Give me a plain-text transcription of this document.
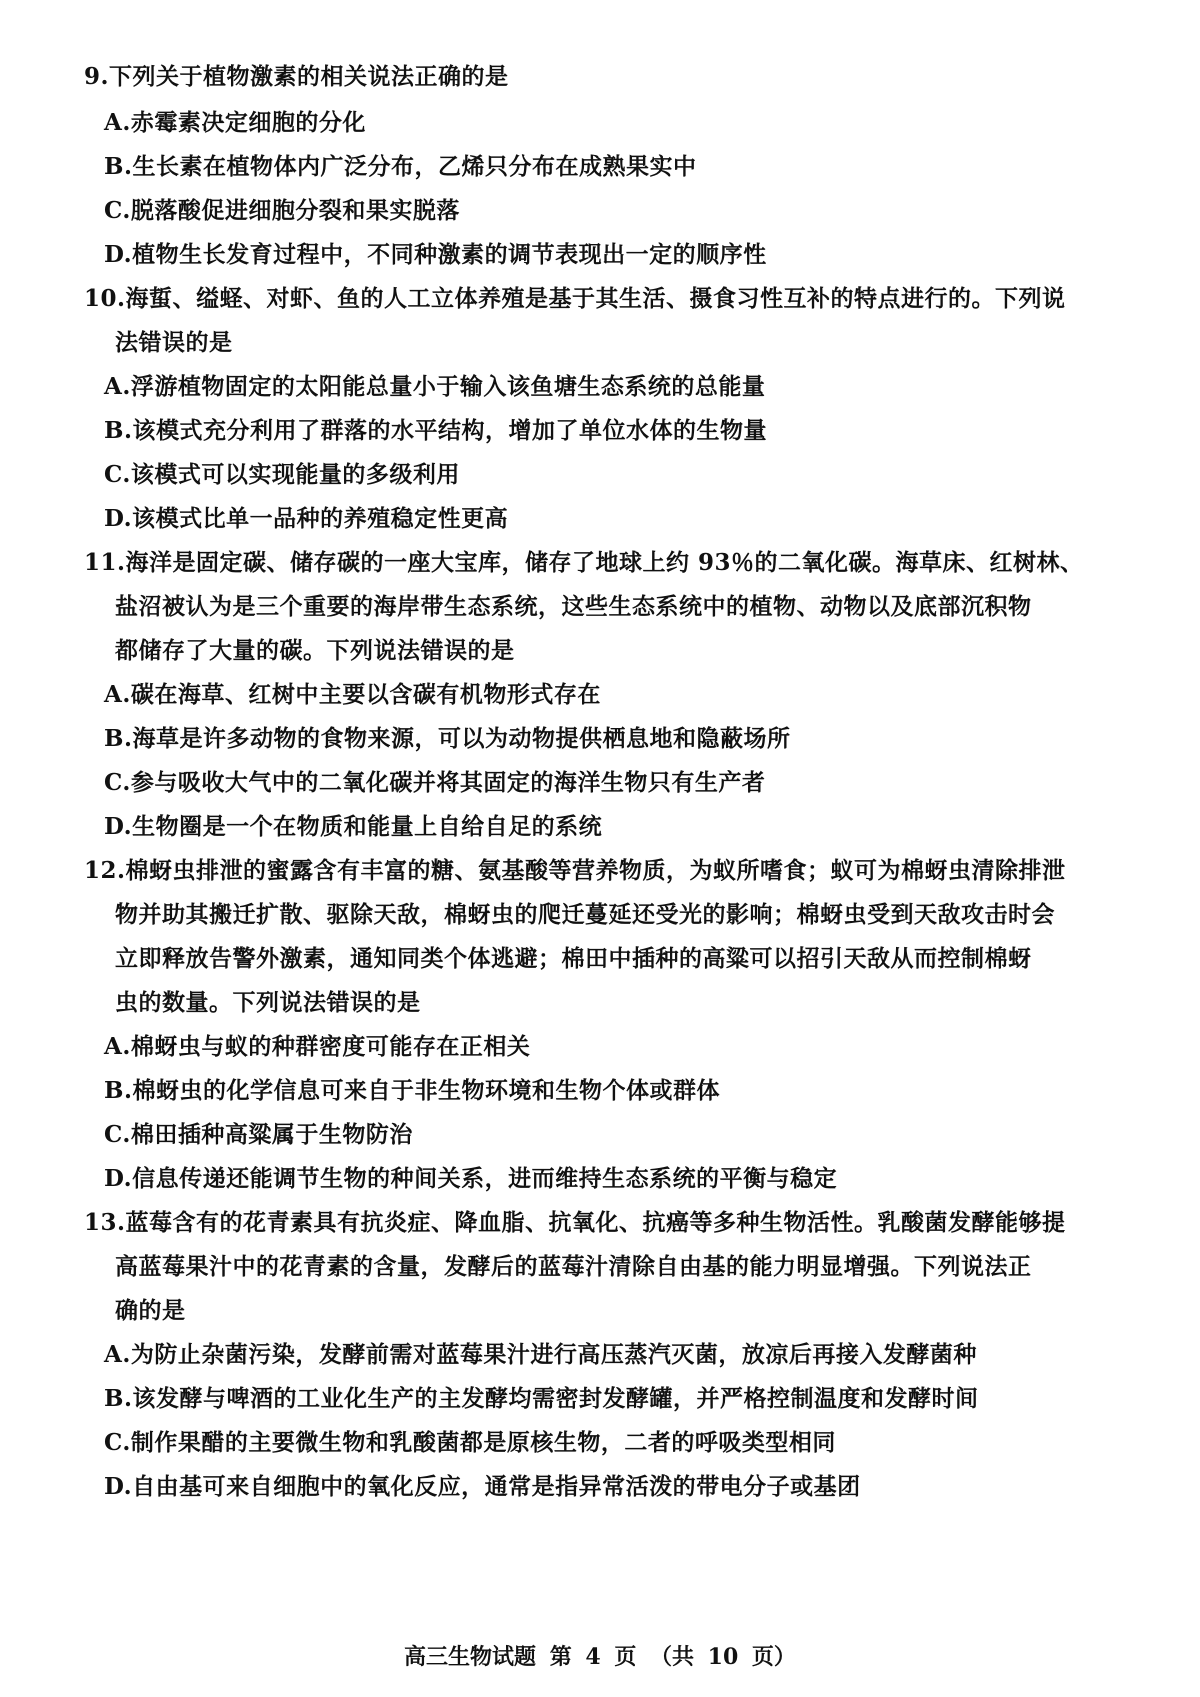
9.下列关于植物激素的相关说法正确的是
A.赤霉素决定细胞的分化
B.生长素在植物体内广泛分布，乙烯只分布在成熟果实中
C.脱落酸促进细胞分裂和果实脱落
D.植物生长发育过程中，不同种激素的调节表现出一定的顺序性
10.海蜇、缢蛏、对虾、鱼的人工立体养殖是基于其生活、摄食习性互补的特点进行的。下列说
法错误的是
A.浮游植物固定的太阳能总量小于输入该鱼塘生态系统的总能量
B.该模式充分利用了群落的水平结构，增加了单位水体的生物量
C.该模式可以实现能量的多级利用
D.该模式比单一品种的养殖稳定性更高
11.海洋是固定碳、储存碳的一座大宝库，储存了地球上约 93％的二氧化碳。海草床、红树林、
盐沼被认为是三个重要的海岸带生态系统，这些生态系统中的植物、动物以及底部沉积物
都储存了大量的碳。下列说法错误的是
A.碳在海草、红树中主要以含碳有机物形式存在
B.海草是许多动物的食物来源，可以为动物提供栖息地和隐蔽场所
C.参与吸收大气中的二氧化碳并将其固定的海洋生物只有生产者
D.生物圈是一个在物质和能量上自给自足的系统
12.棉蚜虫排泄的蜜露含有丰富的糖、氨基酸等营养物质，为蚁所嗜食；蚁可为棉蚜虫清除排泄
物并助其搬迁扩散、驱除天敌，棉蚜虫的爬迁蔓延还受光的影响；棉蚜虫受到天敌攻击时会
立即释放告警外激素，通知同类个体逃避；棉田中插种的高粱可以招引天敌从而控制棉蚜
虫的数量。下列说法错误的是
A.棉蚜虫与蚁的种群密度可能存在正相关
B.棉蚜虫的化学信息可来自于非生物环境和生物个体或群体
C.棉田插种高粱属于生物防治
D.信息传递还能调节生物的种间关系，进而维持生态系统的平衡与稳定
13.蓝莓含有的花青素具有抗炎症、降血脂、抗氧化、抗癌等多种生物活性。乳酸菌发酵能够提
高蓝莓果汁中的花青素的含量，发酵后的蓝莓汁清除自由基的能力明显增强。下列说法正
确的是
A.为防止杂菌污染，发酵前需对蓝莓果汁进行高压蒸汽灭菌，放凉后再接入发酵菌种
B.该发酵与啤酒的工业化生产的主发酵均需密封发酵罐，并严格控制温度和发酵时间
C.制作果醋的主要微生物和乳酸菌都是原核生物，二者的呼吸类型相同
D.自由基可来自细胞中的氧化反应，通常是指异常活泼的带电分子或基团
高三生物试题 第 4 页 （共 10 页）
